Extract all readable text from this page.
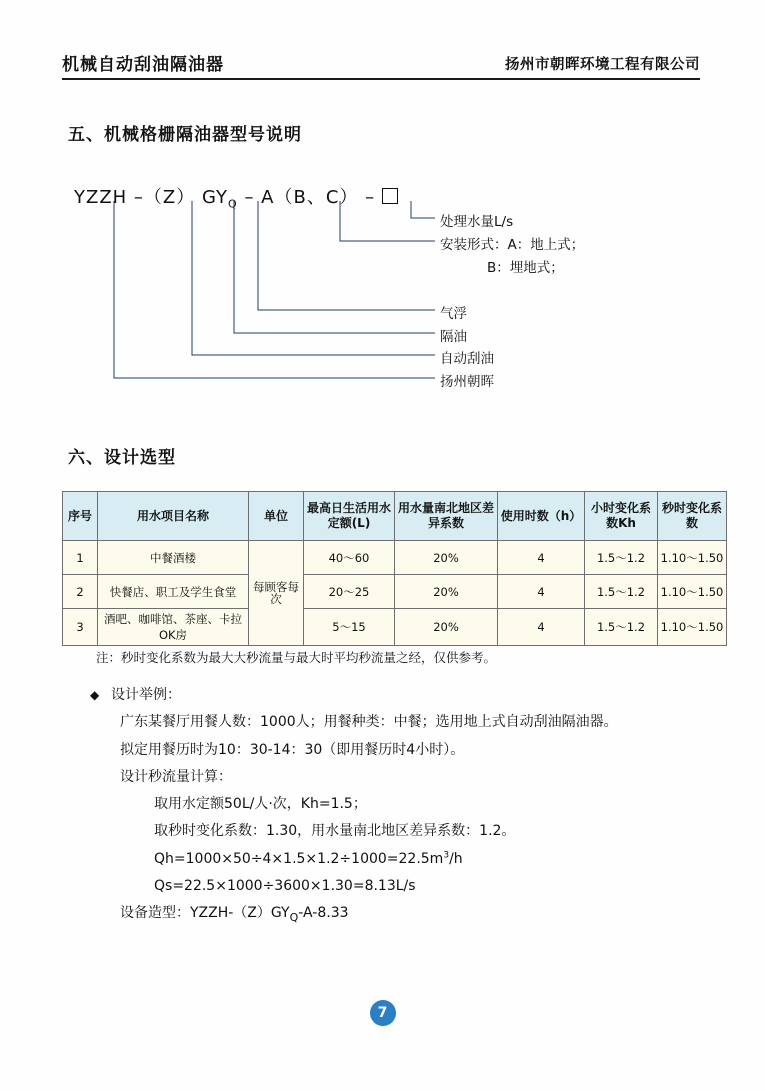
机械自动刮油隔油器	扬州市朝晖环境工程有限公司
五、机械格栅隔油器型号说明
YZZH –（Z） $GY_Q - A(B$、C） –
处理水量L/s
安装形式：A：地上式；
B：埋地式；
气浮
隔油
自动刮油
扬州朝晖
六、设计选型
序号	用水项目名称	单位	最高日生活用水定额(L)	用水量南北地区差异系数	使用时数（h）	小时变化系数Kh	秒时变化系数
1	中餐酒楼	每顾客每次	40～60	20%	4	1.5～1.2	1.10～1.50
2	快餐店、职工及学生食堂		20～25	20%	4	1.5～1.2	1.10～1.50
3	酒吧、咖啡馆、茶座、卡拉OK房		5～15	20%	4	1.5～1.2	1.10～1.50
注：秒时变化系数为最大大秒流量与最大时平均秒流量之经，仅供参考。
◆ 设计举例：
广东某餐厅用餐人数：1000人；用餐种类：中餐；选用地上式自动刮油隔油器。
拟定用餐历时为10：30-14：30（即用餐历时4小时）。
设计秒流量计算：
取用水定额50L/人·次，Kh=1.5；
取秒时变化系数：1.30，用水量南北地区差异系数：1.2。
$Qh=1000\times 50\div 4\times 1.5\times 1.2\div 1000=22.5m^3/h$
Qs=22.5×1000÷3600×1.30=8.13L/s
设备造型：YZZH-$(Z)GY_Q-A-8.33$
7
